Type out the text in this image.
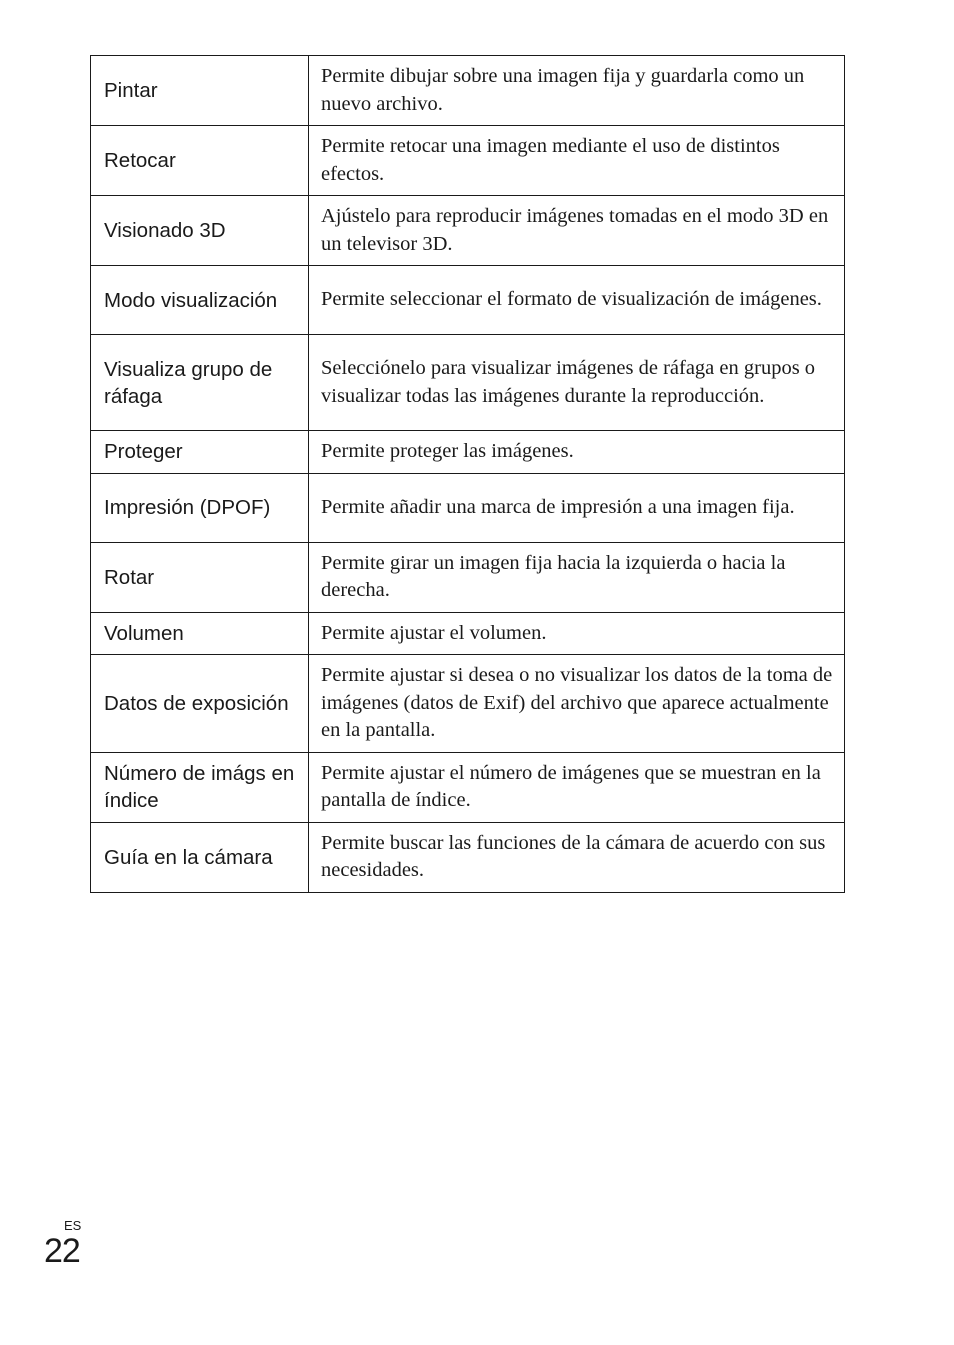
Pintar	Permite dibujar sobre una imagen fija y guardarla como un nuevo archivo.
Retocar	Permite retocar una imagen mediante el uso de distintos efectos.
Visionado 3D	Ajústelo para reproducir imágenes tomadas en el modo 3D en un televisor 3D.
Modo visualización	Permite seleccionar el formato de visualización de imágenes.
Visualiza grupo de ráfaga	Selecciónelo para visualizar imágenes de ráfaga en grupos o visualizar todas las imágenes durante la reproducción.
Proteger	Permite proteger las imágenes.
Impresión (DPOF)	Permite añadir una marca de impresión a una imagen fija.
Rotar	Permite girar un imagen fija hacia la izquierda o hacia la derecha.
Volumen	Permite ajustar el volumen.
Datos de exposición	Permite ajustar si desea o no visualizar los datos de la toma de imágenes (datos de Exif) del archivo que aparece actualmente en la pantalla.
Número de imágs en índice	Permite ajustar el número de imágenes que se muestran en la pantalla de índice.
Guía en la cámara	Permite buscar las funciones de la cámara de acuerdo con sus necesidades.
ES
22
